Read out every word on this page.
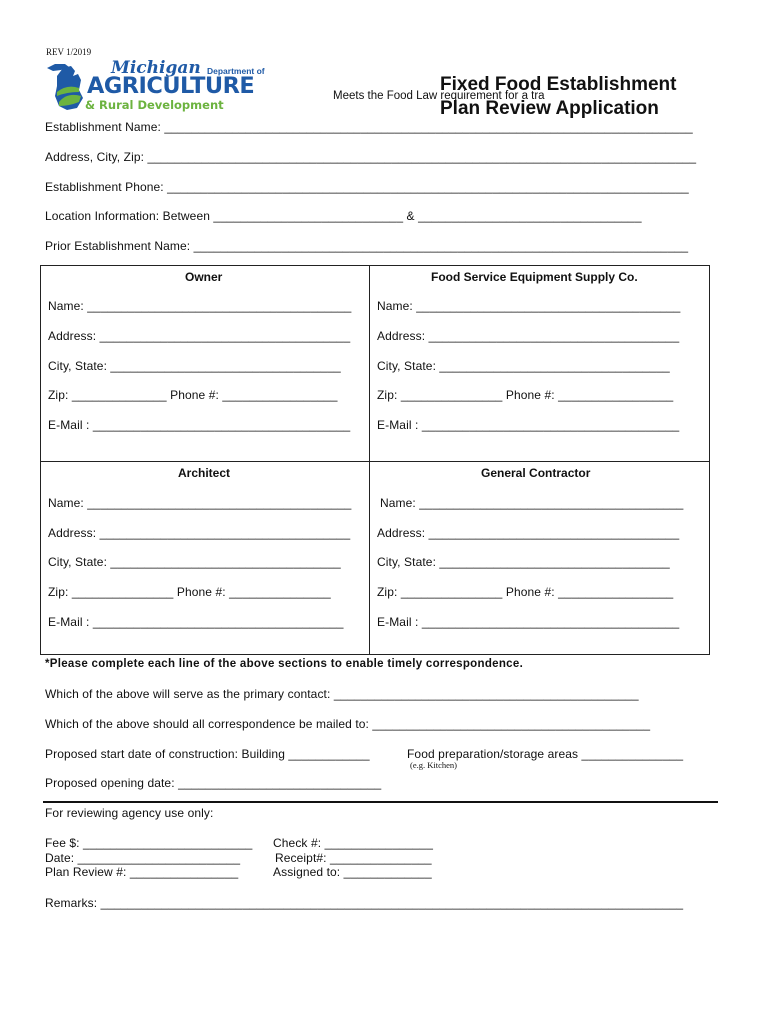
REV 1/2019
Michigan Department of
AGRICULTURE
& Rural Development
Meets the Food Law requirement for a tra
Fixed Food Establishment
Plan Review Application
Establishment Name: ______________________________________________________________________________
Address, City, Zip: _________________________________________________________________________________
Establishment Phone: _____________________________________________________________________________
Location Information: Between ____________________________ & _________________________________
Prior Establishment Name: _________________________________________________________________________
Owner
Name: _______________________________________
Address: _____________________________________
City, State: __________________________________
Zip: ______________ Phone #: _________________
E-Mail : ______________________________________
Food Service Equipment Supply Co.
Name: _______________________________________
Address: _____________________________________
City, State: __________________________________
Zip: _______________ Phone #: _________________
E-Mail : ______________________________________
Architect
Name: _______________________________________
Address: _____________________________________
City, State: __________________________________
Zip: _______________ Phone #: _______________
E-Mail : _____________________________________
General Contractor
Name: _______________________________________
Address: _____________________________________
City, State: __________________________________
Zip: _______________ Phone #: _________________
E-Mail : ______________________________________
*Please complete each line of the above sections to enable timely correspondence.
Which of the above will serve as the primary contact: _____________________________________________
Which of the above should all correspondence be mailed to: _________________________________________
Proposed start date of construction: Building ____________	Food preparation/storage areas _______________
(e.g. Kitchen)
Proposed opening date: ______________________________
For reviewing agency use only:
Fee $: _________________________
Date: ________________________
Plan Review #: ________________
Check #: ________________
Receipt#: _______________
Assigned to: _____________
Remarks: ______________________________________________________________________________________
